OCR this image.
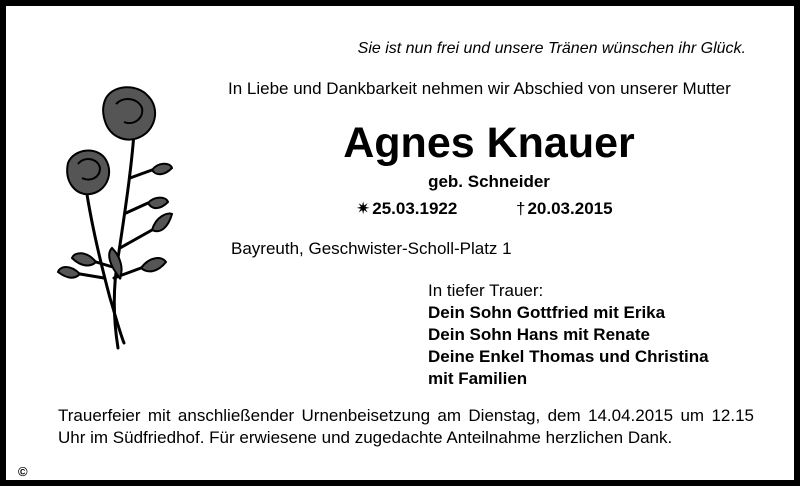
Sie ist nun frei und unsere Tränen wünschen ihr Glück.
In Liebe und Dankbarkeit nehmen wir Abschied von unserer Mutter
Agnes Knauer
geb. Schneider
✷ 25.03.1922	† 20.03.2015
Bayreuth, Geschwister-Scholl-Platz 1
In tiefer Trauer:
Dein Sohn Gottfried mit Erika
Dein Sohn Hans mit Renate
Deine Enkel Thomas und Christina
mit Familien
Trauerfeier mit anschließender Urnenbeisetzung am Dienstag, dem 14.04.2015 um 12.15 Uhr im Südfriedhof. Für erwiesene und zugedachte Anteilnahme herzlichen Dank.
©
